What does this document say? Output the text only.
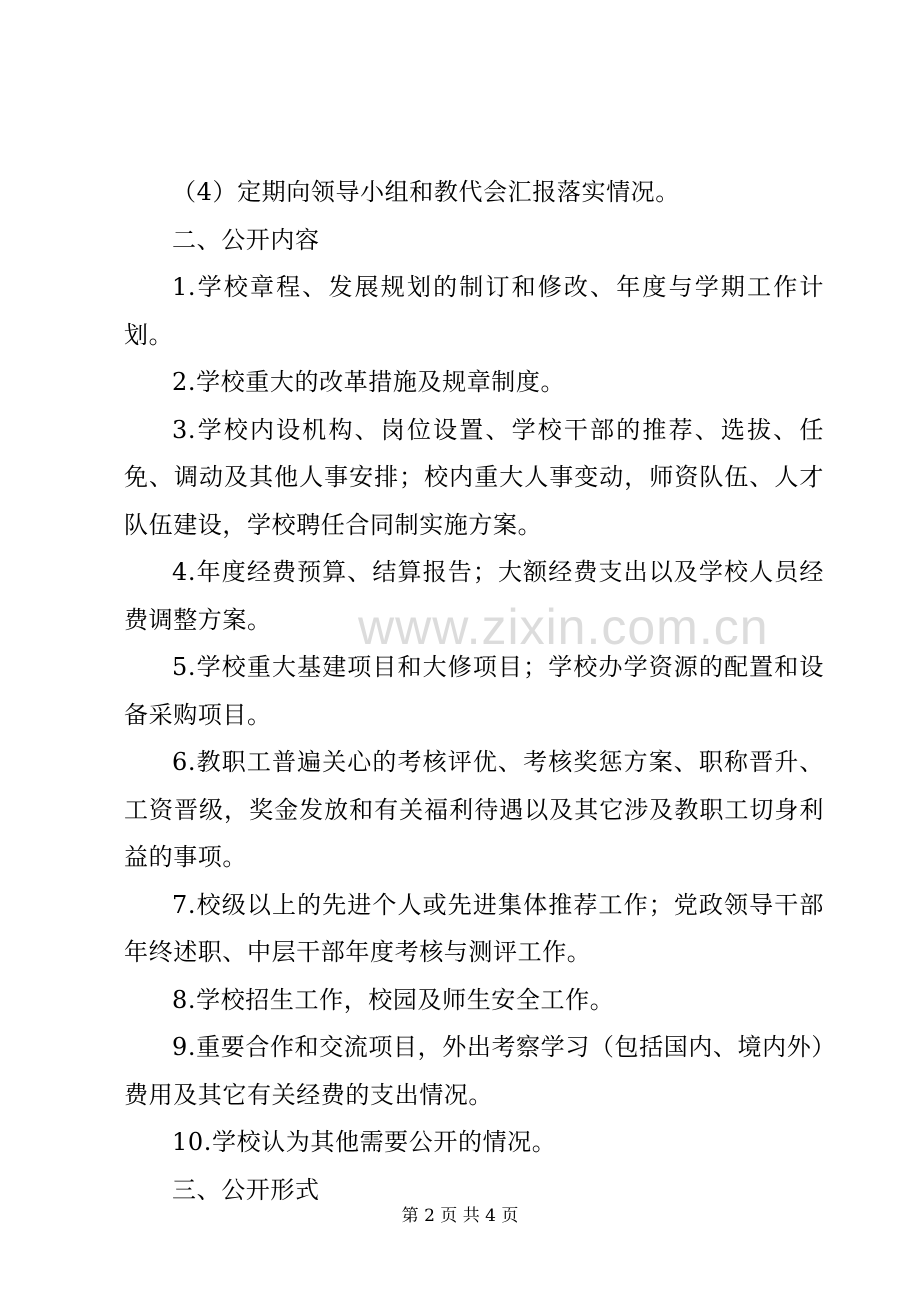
（4）定期向领导小组和教代会汇报落实情况。

二、公开内容

1.学校章程、发展规划的制订和修改、年度与学期工作计划。

2.学校重大的改革措施及规章制度。

3.学校内设机构、岗位设置、学校干部的推荐、选拔、任免、调动及其他人事安排；校内重大人事变动，师资队伍、人才队伍建设，学校聘任合同制实施方案。

4.年度经费预算、结算报告；大额经费支出以及学校人员经费调整方案。

5.学校重大基建项目和大修项目；学校办学资源的配置和设备采购项目。

6.教职工普遍关心的考核评优、考核奖惩方案、职称晋升、工资晋级，奖金发放和有关福利待遇以及其它涉及教职工切身利益的事项。

7.校级以上的先进个人或先进集体推荐工作；党政领导干部年终述职、中层干部年度考核与测评工作。

8.学校招生工作，校园及师生安全工作。

9.重要合作和交流项目，外出考察学习（包括国内、境内外）费用及其它有关经费的支出情况。

10.学校认为其他需要公开的情况。

三、公开形式

www.zixin.com.cn
第 2 页 共 4 页
